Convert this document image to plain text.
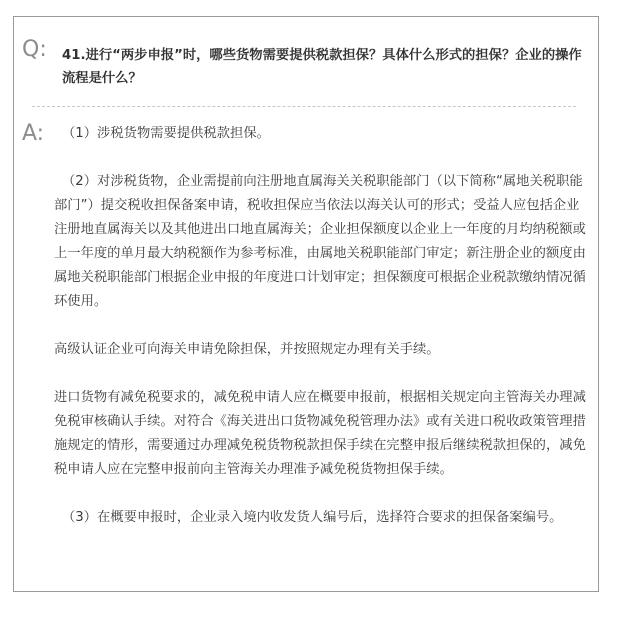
Q: 41.进行“两步申报”时，哪些货物需要提供税款担保？具体什么形式的担保？企业的操作流程是什么？
A:	（1）涉税货物需要提供税款担保。

（2）对涉税货物，企业需提前向注册地直属海关关税职能部门（以下简称“属地关税职能部门”）提交税收担保备案申请，税收担保应当依法以海关认可的形式；受益人应包括企业注册地直属海关以及其他进出口地直属海关；企业担保额度以企业上一年度的月均纳税额或上一年度的单月最大纳税额作为参考标准，由属地关税职能部门审定；新注册企业的额度由属地关税职能部门根据企业申报的年度进口计划审定；担保额度可根据企业税款缴纳情况循环使用。

高级认证企业可向海关申请免除担保，并按照规定办理有关手续。

进口货物有减免税要求的，减免税申请人应在概要申报前，根据相关规定向主管海关办理减免税审核确认手续。对符合《海关进出口货物减免税管理办法》或有关进口税收政策管理措施规定的情形，需要通过办理减免税货物税款担保手续在完整申报后继续税款担保的，减免税申请人应在完整申报前向主管海关办理准予减免税货物担保手续。

（3）在概要申报时，企业录入境内收发货人编号后，选择符合要求的担保备案编号。
